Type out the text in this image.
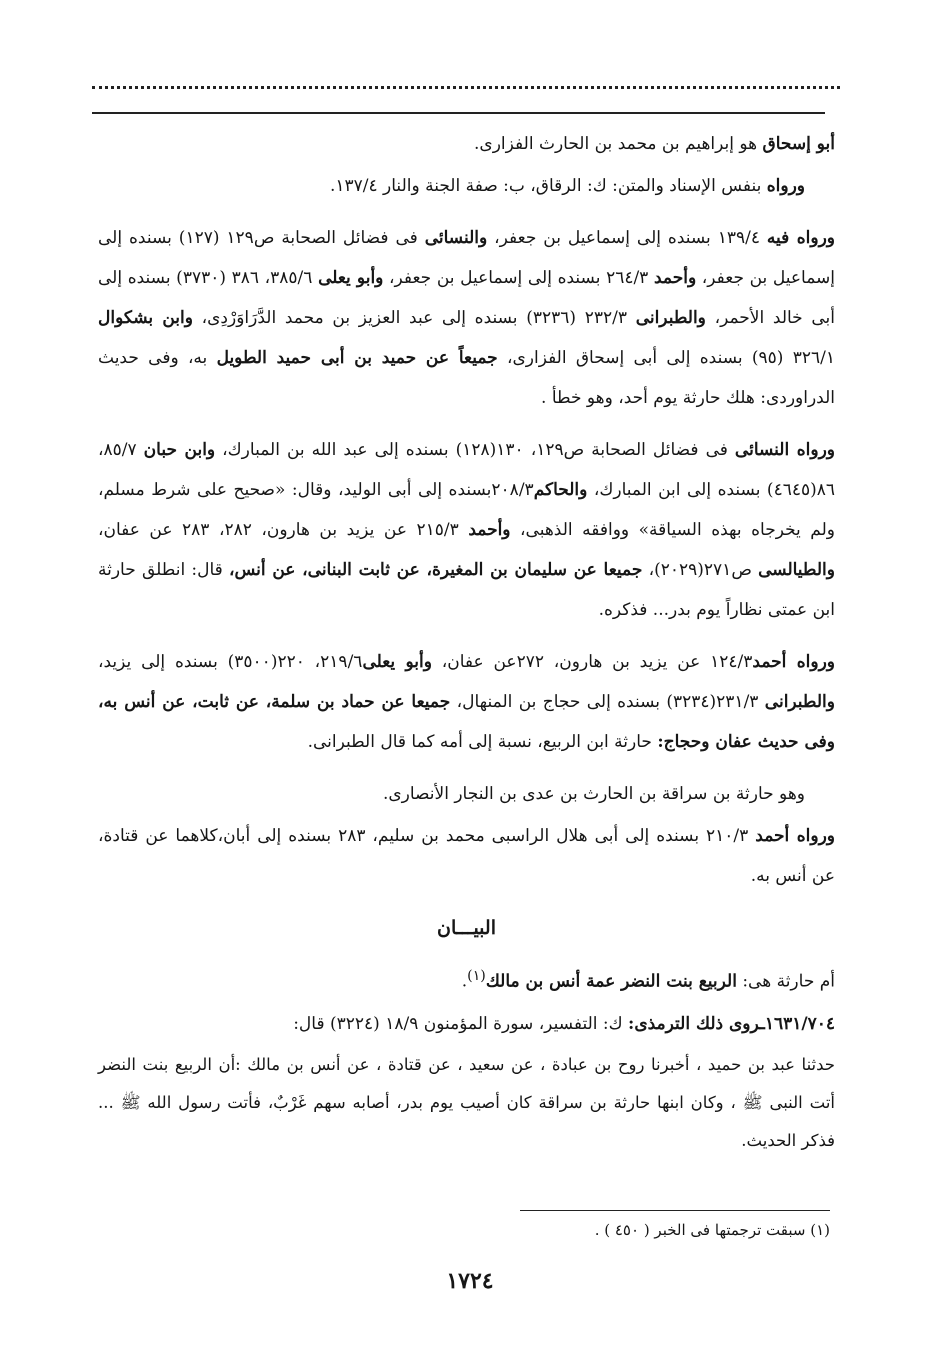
أبو إسحاق هو إبراهيم بن محمد بن الحارث الفزارى.

ورواه بنفس الإسناد والمتن: ك: الرقاق، ب: صفة الجنة والنار ١٣٧/٤.

ورواه فيه ١٣٩/٤ بسنده إلى إسماعيل بن جعفر، والنسائى فى فضائل الصحابة ص١٢٩ (١٢٧) بسنده إلى إسماعيل بن جعفر، وأحمد ٢٦٤/٣ بسنده إلى إسماعيل بن جعفر، وأبو يعلى ٣٨٥/٦، ٣٨٦ (٣٧٣٠) بسنده إلى أبى خالد الأحمر، والطبرانى ٢٣٢/٣ (٣٢٣٦) بسنده إلى عبد العزيز بن محمد الدَّرَاوَرْدِى، وابن بشكوال ٣٢٦/١ (٩٥) بسنده إلى أبى إسحاق الفزارى، جميعاً عن حميد بن أبى حميد الطويل به، وفى حديث الدراوردى: هلك حارثة يوم أحد، وهو خطأ .

ورواه النسائى فى فضائل الصحابة ص١٢٩، ١٣٠(١٢٨) بسنده إلى عبد الله بن المبارك، وابن حبان ٨٥/٧، ٨٦(٤٦٤٥) بسنده إلى ابن المبارك، والحاكم٢٠٨/٣بسنده إلى أبى الوليد، وقال: «صحيح على شرط مسلم، ولم يخرجاه بهذه السياقة» ووافقه الذهبى، وأحمد ٢١٥/٣ عن يزيد بن هارون، ٢٨٢، ٢٨٣ عن عفان، والطيالسى ص٢٧١(٢٠٢٩)، جميعا عن سليمان بن المغيرة، عن ثابت البنانى، عن أنس، قال: انطلق حارثة ابن عمتى نظاراً يوم بدر... فذكره.

ورواه أحمد١٢٤/٣ عن يزيد بن هارون، ٢٧٢عن عفان، وأبو يعلى٢١٩/٦، ٢٢٠(٣٥٠٠) بسنده إلى يزيد، والطبرانى ٢٣١/٣(٣٢٣٤) بسنده إلى حجاج بن المنهال، جميعا عن حماد بن سلمة، عن ثابت، عن أنس به، وفى حديث عفان وحجاج: حارثة ابن الربيع، نسبة إلى أمه كما قال الطبرانى.

وهو حارثة بن سراقة بن الحارث بن عدى بن النجار الأنصارى.

ورواه أحمد ٢١٠/٣ بسنده إلى أبى هلال الراسبى محمد بن سليم، ٢٨٣ بسنده إلى أبان،كلاهما عن قتادة، عن أنس به.

البيـــان

أم حارثة هى: الربيع بنت النضر عمة أنس بن مالك$^{(١)}$.

١٦٣١/٧٠٤ـروى ذلك الترمذى: ك: التفسير، سورة المؤمنون ١٨/٩ (٣٢٢٤) قال:

حدثنا عبد بن حميد ، أخبرنا روح بن عبادة ، عن سعيد ، عن قتادة ، عن أنس بن مالك :أن الربيع بنت النضر أتت النبى ﷺ ، وكان ابنها حارثة بن سراقة كان أصيب يوم بدر، أصابه سهم غَرْبٌ، فأتت رسول الله ﷺ ... فذكر الحديث.

(١) سبقت ترجمتها فى الخبر ( ٤٥٠ ) .
١٧٢٤
